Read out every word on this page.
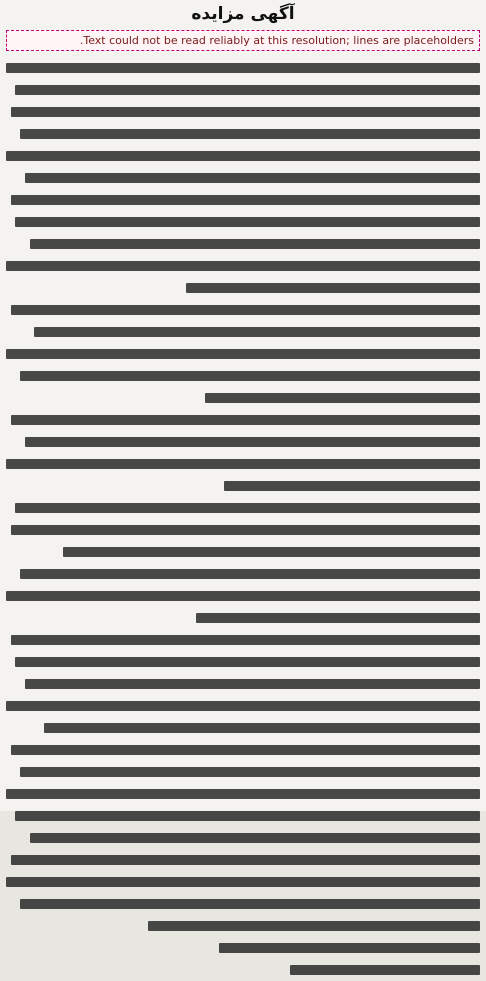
آگهی مزایده
Text could not be read reliably at this resolution; lines are placeholders.
